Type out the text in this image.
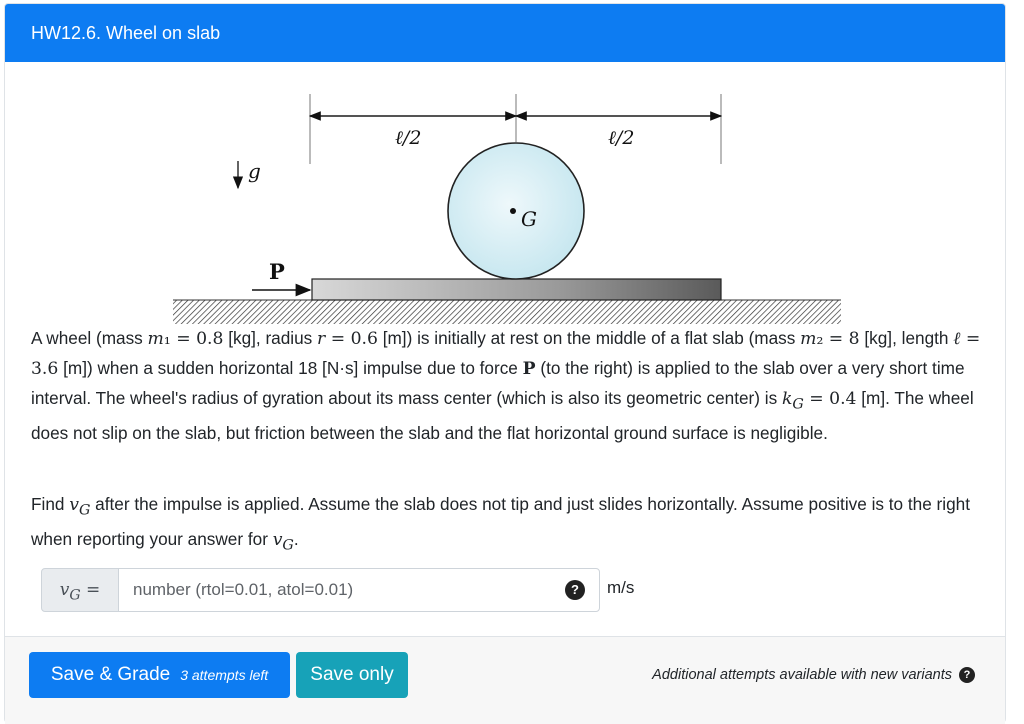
HW12.6. Wheel on slab
G
ℓ/2	ℓ/2
g
P
A wheel (mass m₁ = 0.8 [kg], radius r = 0.6 [m]) is initially at rest on the middle of a flat slab (mass m₂ = 8 [kg], length ℓ = 3.6 [m]) when a sudden horizontal 18 [N·s] impulse due to force P (to the right) is applied to the slab over a very short time interval. The wheel's radius of gyration about its mass center (which is also its geometric center) is $k_G = 0.4$ [m]. The wheel does not slip on the slab, but friction between the slab and the flat horizontal ground surface is negligible.
Find $v_G$ after the impulse is applied. Assume the slab does not tip and just slides horizontally. Assume positive is to the right when reporting your answer for $v_G$.
$v_G$ =
number (rtol=0.01, atol=0.01)	?	m/s
Save & Grade 3 attempts left	Save only	Additional attempts available with new variants	?
